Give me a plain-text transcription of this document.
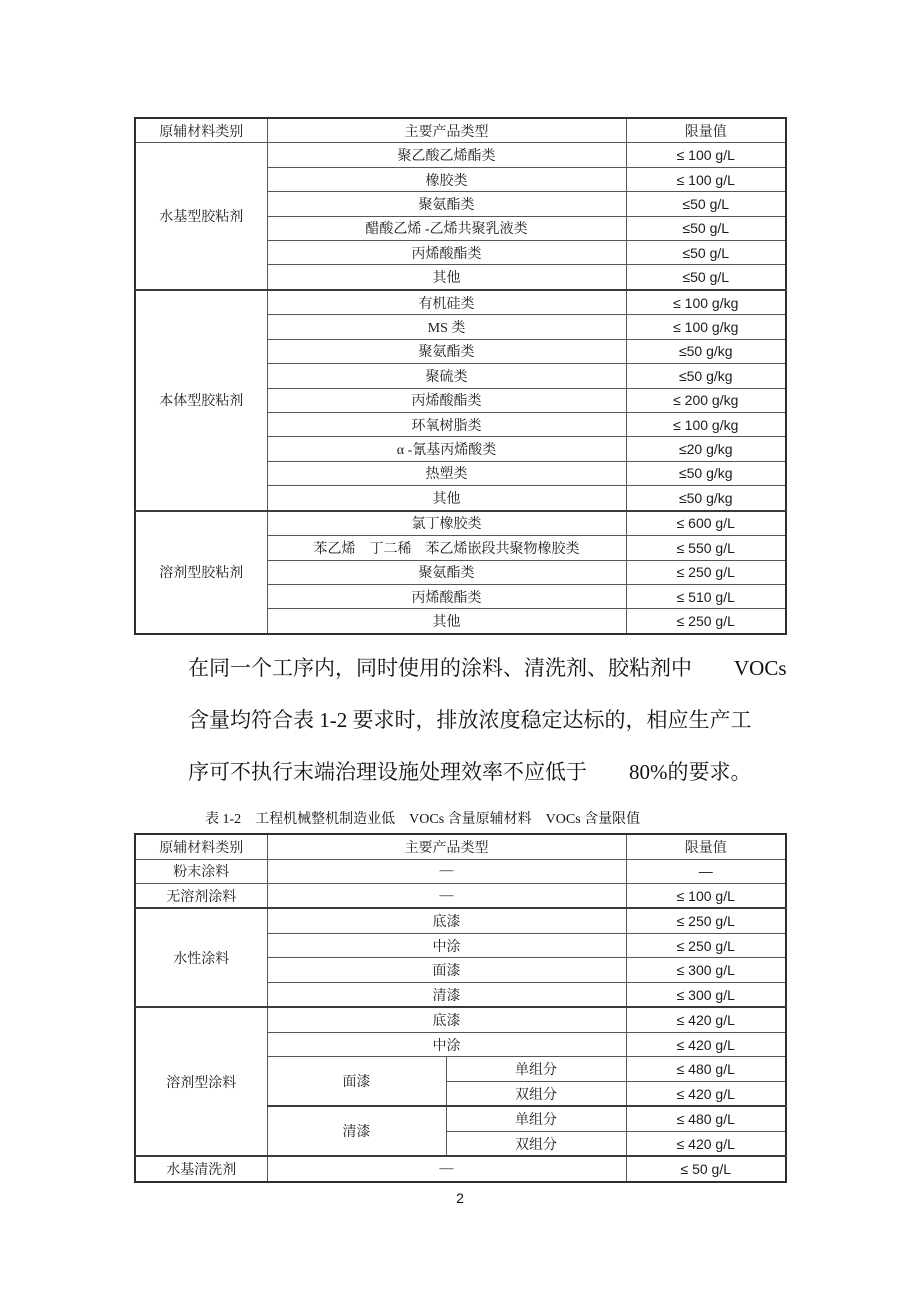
原辅材料类别	主要产品类型	限量值
水基型胶粘剂	聚乙酸乙烯酯类	≤ 100 g/L
	橡胶类	≤ 100 g/L
	聚氨酯类	≤50 g/L
	醋酸乙烯 -乙烯共聚乳液类	≤50 g/L
	丙烯酸酯类	≤50 g/L
	其他	≤50 g/L
本体型胶粘剂	有机硅类	≤ 100 g/kg
	MS 类	≤ 100 g/kg
	聚氨酯类	≤50 g/kg
	聚硫类	≤50 g/kg
	丙烯酸酯类	≤ 200 g/kg
	环氧树脂类	≤ 100 g/kg
	α -氰基丙烯酸类	≤20 g/kg
	热塑类	≤50 g/kg
	其他	≤50 g/kg
溶剂型胶粘剂	氯丁橡胶类	≤ 600 g/L
	苯乙烯　丁二稀　苯乙烯嵌段共聚物橡胶类	≤ 550 g/L
	聚氨酯类	≤ 250 g/L
	丙烯酸酯类	≤ 510 g/L
	其他	≤ 250 g/L
在同一个工序内，同时使用的涂料、清洗剂、胶粘剂中　　VOCs
含量均符合表 1-2 要求时，排放浓度稳定达标的，相应生产工
序可不执行末端治理设施处理效率不应低于　　80%的要求。
表 1-2　工程机械整机制造业低　VOCs 含量原辅材料　VOCs 含量限值
原辅材料类别	主要产品类型		限量值
粉末涂料	—		—
无溶剂涂料	—		≤ 100 g/L
水性涂料	底漆		≤ 250 g/L
	中涂		≤ 250 g/L
	面漆		≤ 300 g/L
	清漆		≤ 300 g/L
溶剂型涂料	底漆		≤ 420 g/L
	中涂		≤ 420 g/L
	面漆	单组分	≤ 480 g/L
		双组分	≤ 420 g/L
	清漆	单组分	≤ 480 g/L
		双组分	≤ 420 g/L
水基清洗剂	—		≤ 50 g/L
2
